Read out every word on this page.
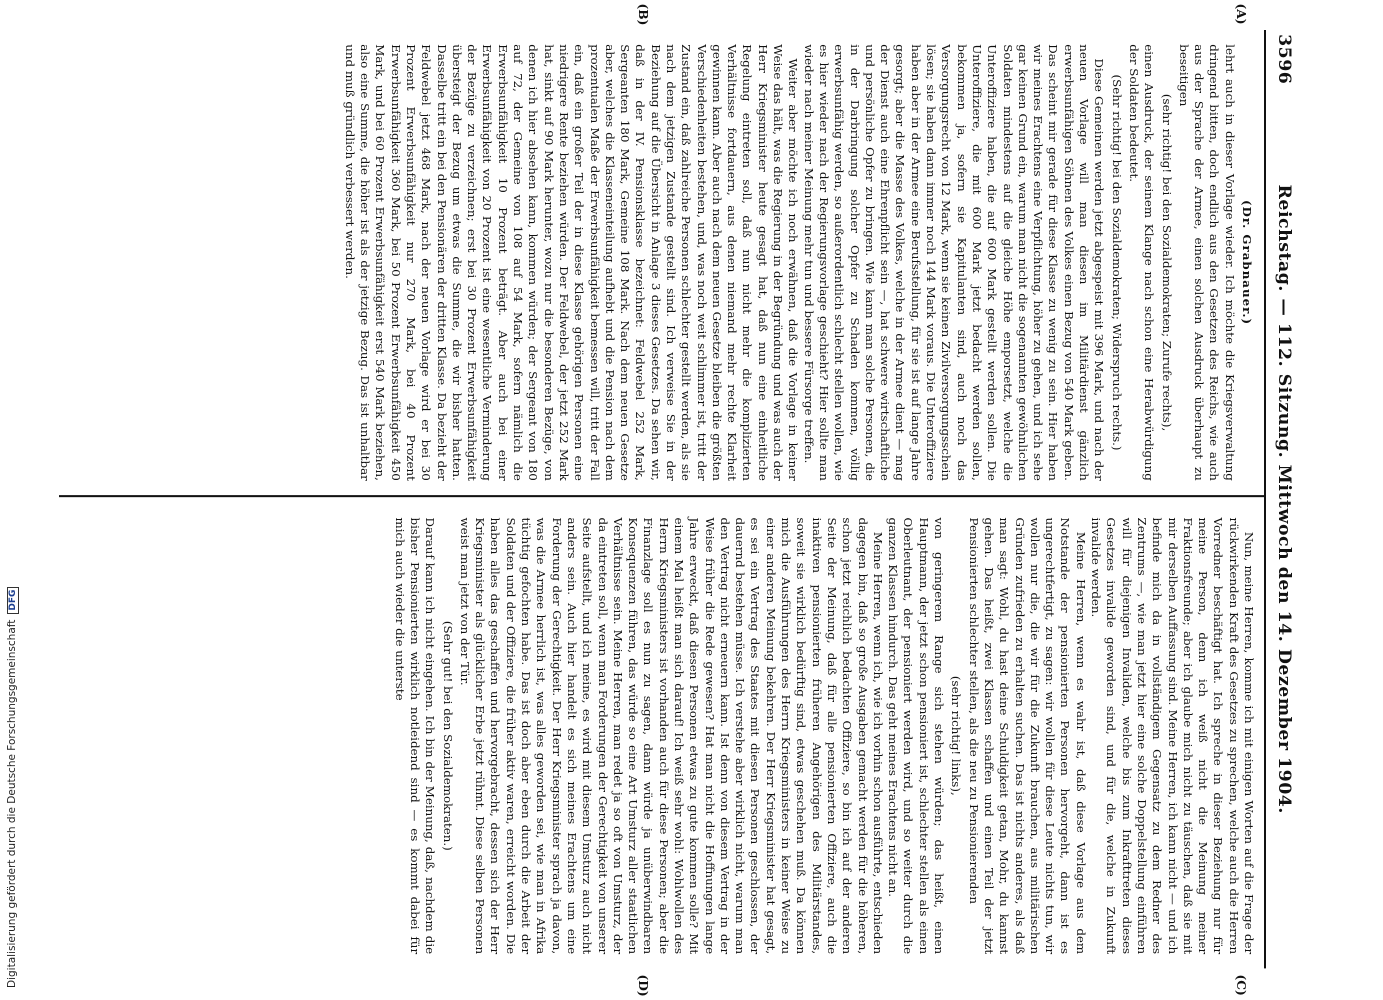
3596
Reichstag. — 112. Sitzung. Mittwoch den 14. Dezember 1904.
(A)
(B)
(C)
(D)

(Dr. Grabnauer.)

lehrt auch in dieser Vorlage wieder. Ich möchte die Kriegsverwaltung dringend bitten, doch endlich aus den Gesetzen des Reichs, wie auch aus der Sprache der Armee, einen solchen Ausdruck überhaupt zu beseitigen

(sehr richtig! bei den Sozialdemokraten; Zurufe rechts),

einen Ausdruck, der seinem Klange nach schon eine Herabwürdigung der Soldaten bedeutet.

(Sehr richtig! bei den Sozialdemokraten; Widerspruch rechts.)

Diese Gemeinen werden jetzt abgespeist mit 396 Mark, und nach der neuen Vorlage will man diesen im Militärdienst gänzlich erwerbsunfähigen Söhnen des Volkes einen Bezug von 540 Mark geben. Das scheint mir gerade für diese Klasse zu wenig zu sein. Hier haben wir meines Erachtens eine Verpflichtung, höher zu gehen, und ich sehe gar keinen Grund ein, warum man nicht die sogenannten gewöhnlichen Soldaten mindestens auf die gleiche Höhe emporsetzt, welche die Unteroffiziere haben, die auf 600 Mark gestellt werden sollen. Die Unteroffiziere, die mit 600 Mark jetzt bedacht werden sollen, bekommen ja, sofern sie Kapitulanten sind, auch noch das Versorgungsrecht von 12 Mark, wenn sie keinen Zivilversorgungsschein lösen; sie haben dann immer noch 144 Mark voraus. Die Unteroffiziere haben aber in der Armee eine Berufsstellung, für sie ist auf lange Jahre gesorgt; aber die Masse des Volkes, welche in der Armee dient — mag der Dienst auch eine Ehrenpflicht sein —, hat schwere wirtschaftliche und persönliche Opfer zu bringen. Wie kann man solche Personen, die in der Darbringung solcher Opfer zu Schaden kommen, völlig erwerbsunfähig werden, so außerordentlich schlecht stellen wollen, wie es hier wieder nach der Regierungsvorlage geschieht? Hier sollte man wieder nach meiner Meinung mehr tun und bessere Fürsorge treffen.

Weiter aber möchte ich noch erwähnen, daß die Vorlage in keiner Weise das hält, was die Regierung in der Begründung und was auch der Herr Kriegsminister heute gesagt hat, daß nun eine einheitliche Regelung eintreten soll, daß nun nicht mehr die komplizierten Verhältnisse fortdauern, aus denen niemand mehr rechte Klarheit gewinnen kann. Aber auch nach dem neuen Gesetze bleiben die größten Verschiedenheiten bestehen, und, was noch weit schlimmer ist, tritt der Zustand ein, daß zahlreiche Personen schlechter gestellt werden, als sie nach dem jetzigen Zustande gestellt sind. Ich verweise Sie in der Beziehung auf die Übersicht in Anlage 3 dieses Gesetzes. Da sehen wir, daß in der IV. Pensionsklasse bezeichnet: Feldwebel 252 Mark, Sergeanten 180 Mark, Gemeine 108 Mark. Nach dem neuen Gesetze aber, welches die Klasseneinteilung aufhebt und die Pension nach dem prozentualen Maße der Erwerbsunfähigkeit bemessen will, tritt der Fall ein, daß ein großer Teil der in diese Klasse gehörigen Personen eine niedrigere Rente beziehen würden. Der Feldwebel, der jetzt 252 Mark hat, sinkt auf 90 Mark herunter, wozu nur die besonderen Bezüge, von denen ich hier absehen kann, kommen würden; der Sergeant von 180 auf 72, der Gemeine von 108 auf 54 Mark, sofern nämlich die Erwerbsunfähigkeit 10 Prozent beträgt. Aber auch bei einer Erwerbsunfähigkeit von 20 Prozent ist eine wesentliche Verminderung der Bezüge zu verzeichnen; erst bei 30 Prozent Erwerbsunfähigkeit übersteigt der Bezug um etwas die Summe, die wir bisher hatten. Dasselbe tritt ein bei den Pensionären der dritten Klasse. Da bezieht der Feldwebel jetzt 468 Mark, nach der neuen Vorlage wird er bei 30 Prozent Erwerbsunfähigkeit nur 270 Mark, bei 40 Prozent Erwerbsunfähigkeit 360 Mark, bei 50 Prozent Erwerbsunfähigkeit 450 Mark, und bei 60 Prozent Erwerbsunfähigkeit erst 540 Mark beziehen, also eine Summe, die höher ist als der jetzige Bezug. Das ist unhaltbar und muß gründlich verbessert werden.

Nun, meine Herren, komme ich mit einigen Worten auf die Frage der rückwirkenden Kraft des Gesetzes zu sprechen, welche auch die Herren Vorredner beschäftigt hat. Ich spreche in dieser Beziehung nur für meine Person, denn ich weiß nicht die Meinung meiner Fraktionsfreunde; aber ich glaube mich nicht zu täuschen, daß sie mit mir derselben Auffassung sind. Meine Herren, ich kann nicht — und ich befinde mich da in vollständigem Gegensatz zu dem Redner des Zentrums —, wie man jetzt hier eine solche Doppelstellung einführen will für diejenigen Invaliden, welche bis zum Inkrafttreten dieses Gesetzes invalide geworden sind, und für die, welche in Zukunft invalide werden.

Meine Herren, wenn es wahr ist, daß diese Vorlage aus dem Notstande der pensionierten Personen hervorgeht, dann ist es ungerechtfertigt, zu sagen: wir wollen für diese Leute nichts tun, wir wollen nur die, die wir für die Zukunft brauchen, aus militärischen Gründen zufrieden zu erhalten suchen. Das ist nichts anderes, als daß man sagt: Wohl, du hast deine Schuldigkeit getan, Mohr, du kannst gehen. Das heißt, zwei Klassen schaffen und einen Teil der jetzt Pensionierten schlechter stellen, als die neu zu Pensionierenden

(sehr richtig! links),

von geringerem Range sich stehen würden; das heißt, einen Hauptmann, der jetzt schon pensioniert ist, schlechter stellen als einen Oberleutnant, der pensioniert werden wird, und so weiter durch die ganzen Klassen hindurch. Das geht meines Erachtens nicht an.

Meine Herren, wenn ich, wie ich vorhin schon ausführte, entschieden dagegen bin, daß so große Ausgaben gemacht werden für die höheren, schon jetzt reichlich bedachten Offiziere, so bin ich auf der anderen Seite der Meinung, daß für alle pensionierten Offiziere, auch die inaktiven pensionierten früheren Angehörigen des Militärstandes, soweit sie wirklich bedürftig sind, etwas geschehen muß. Da können mich die Ausführungen des Herrn Kriegsministers in keiner Weise zu einer anderen Meinung bekehren. Der Herr Kriegsminister hat gesagt, es sei ein Vertrag des Staates mit diesen Personen geschlossen, der dauernd bestehen müsse. Ich verstehe aber wirklich nicht, warum man den Vertrag nicht erneuern kann. Ist denn von diesem Vertrag in der Weise früher die Rede gewesen? Hat man nicht die Hoffnungen lange Jahre erweckt, daß diesen Personen etwas zu gute kommen solle? Mit einem Mal heißt man sich darauf! Ich weiß sehr wohl: Wohlwollen des Herrn Kriegsministers ist vorhanden auch für diese Personen; aber die Finanzlage soll es nun zu sagen, dann würde ja unüberwindbaren Konsequenzen führen, das würde so eine Art Umsturz aller staatlichen Verhältnisse sein. Meine Herren, man redet ja so oft von Umsturz, der da eintreten soll, wenn man Forderungen der Gerechtigkeit von unserer Seite aufstellt, und ich meine, es wird mit diesem Umsturz auch nicht anders sein. Auch hier handelt es sich meines Erachtens um eine Forderung der Gerechtigkeit. Der Herr Kriegsminister sprach ja davon, was die Armee herrlich ist, was alles geworden sei, wie man in Afrika tüchtig gefochten habe. Das ist doch aber eben durch die Arbeit der Soldaten und der Offiziere, die früher aktiv waren, erreicht worden. Die haben alles das geschaffen und hervorgebracht, dessen sich der Herr Kriegsminister als glücklicher Erbe jetzt rühmt. Diese selben Personen weist man jetzt von der Tür.

(Sehr gut! bei den Sozialdemokraten.)

Darauf kann ich nicht eingehen. Ich bin der Meinung, daß, nachdem die bisher Pensionierten wirklich notleidend sind — es kommt dabei für mich auch wieder die unterste

Digitalisierung gefördert durch die Deutsche ForschungsgemeinschaftDFG
